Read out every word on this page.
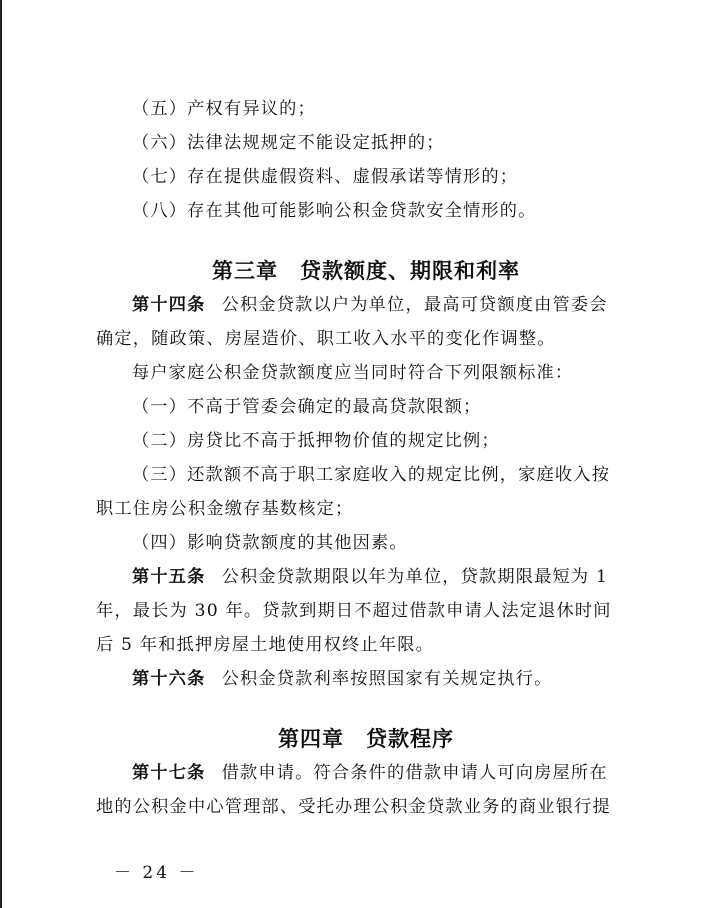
（五）产权有异议的；
（六）法律法规规定不能设定抵押的；
（七）存在提供虚假资料、虚假承诺等情形的；
（八）存在其他可能影响公积金贷款安全情形的。
第三章　贷款额度、期限和利率
第十四条 公积金贷款以户为单位，最高可贷额度由管委会
确定，随政策、房屋造价、职工收入水平的变化作调整。
每户家庭公积金贷款额度应当同时符合下列限额标准：
（一）不高于管委会确定的最高贷款限额；
（二）房贷比不高于抵押物价值的规定比例；
（三）还款额不高于职工家庭收入的规定比例，家庭收入按
职工住房公积金缴存基数核定；
（四）影响贷款额度的其他因素。
第十五条 公积金贷款期限以年为单位，贷款期限最短为 1
年，最长为 30 年。贷款到期日不超过借款申请人法定退休时间
后 5 年和抵押房屋土地使用权终止年限。
第十六条 公积金贷款利率按照国家有关规定执行。
第四章　贷款程序
第十七条 借款申请。符合条件的借款申请人可向房屋所在
地的公积金中心管理部、受托办理公积金贷款业务的商业银行提
－ 24 －
